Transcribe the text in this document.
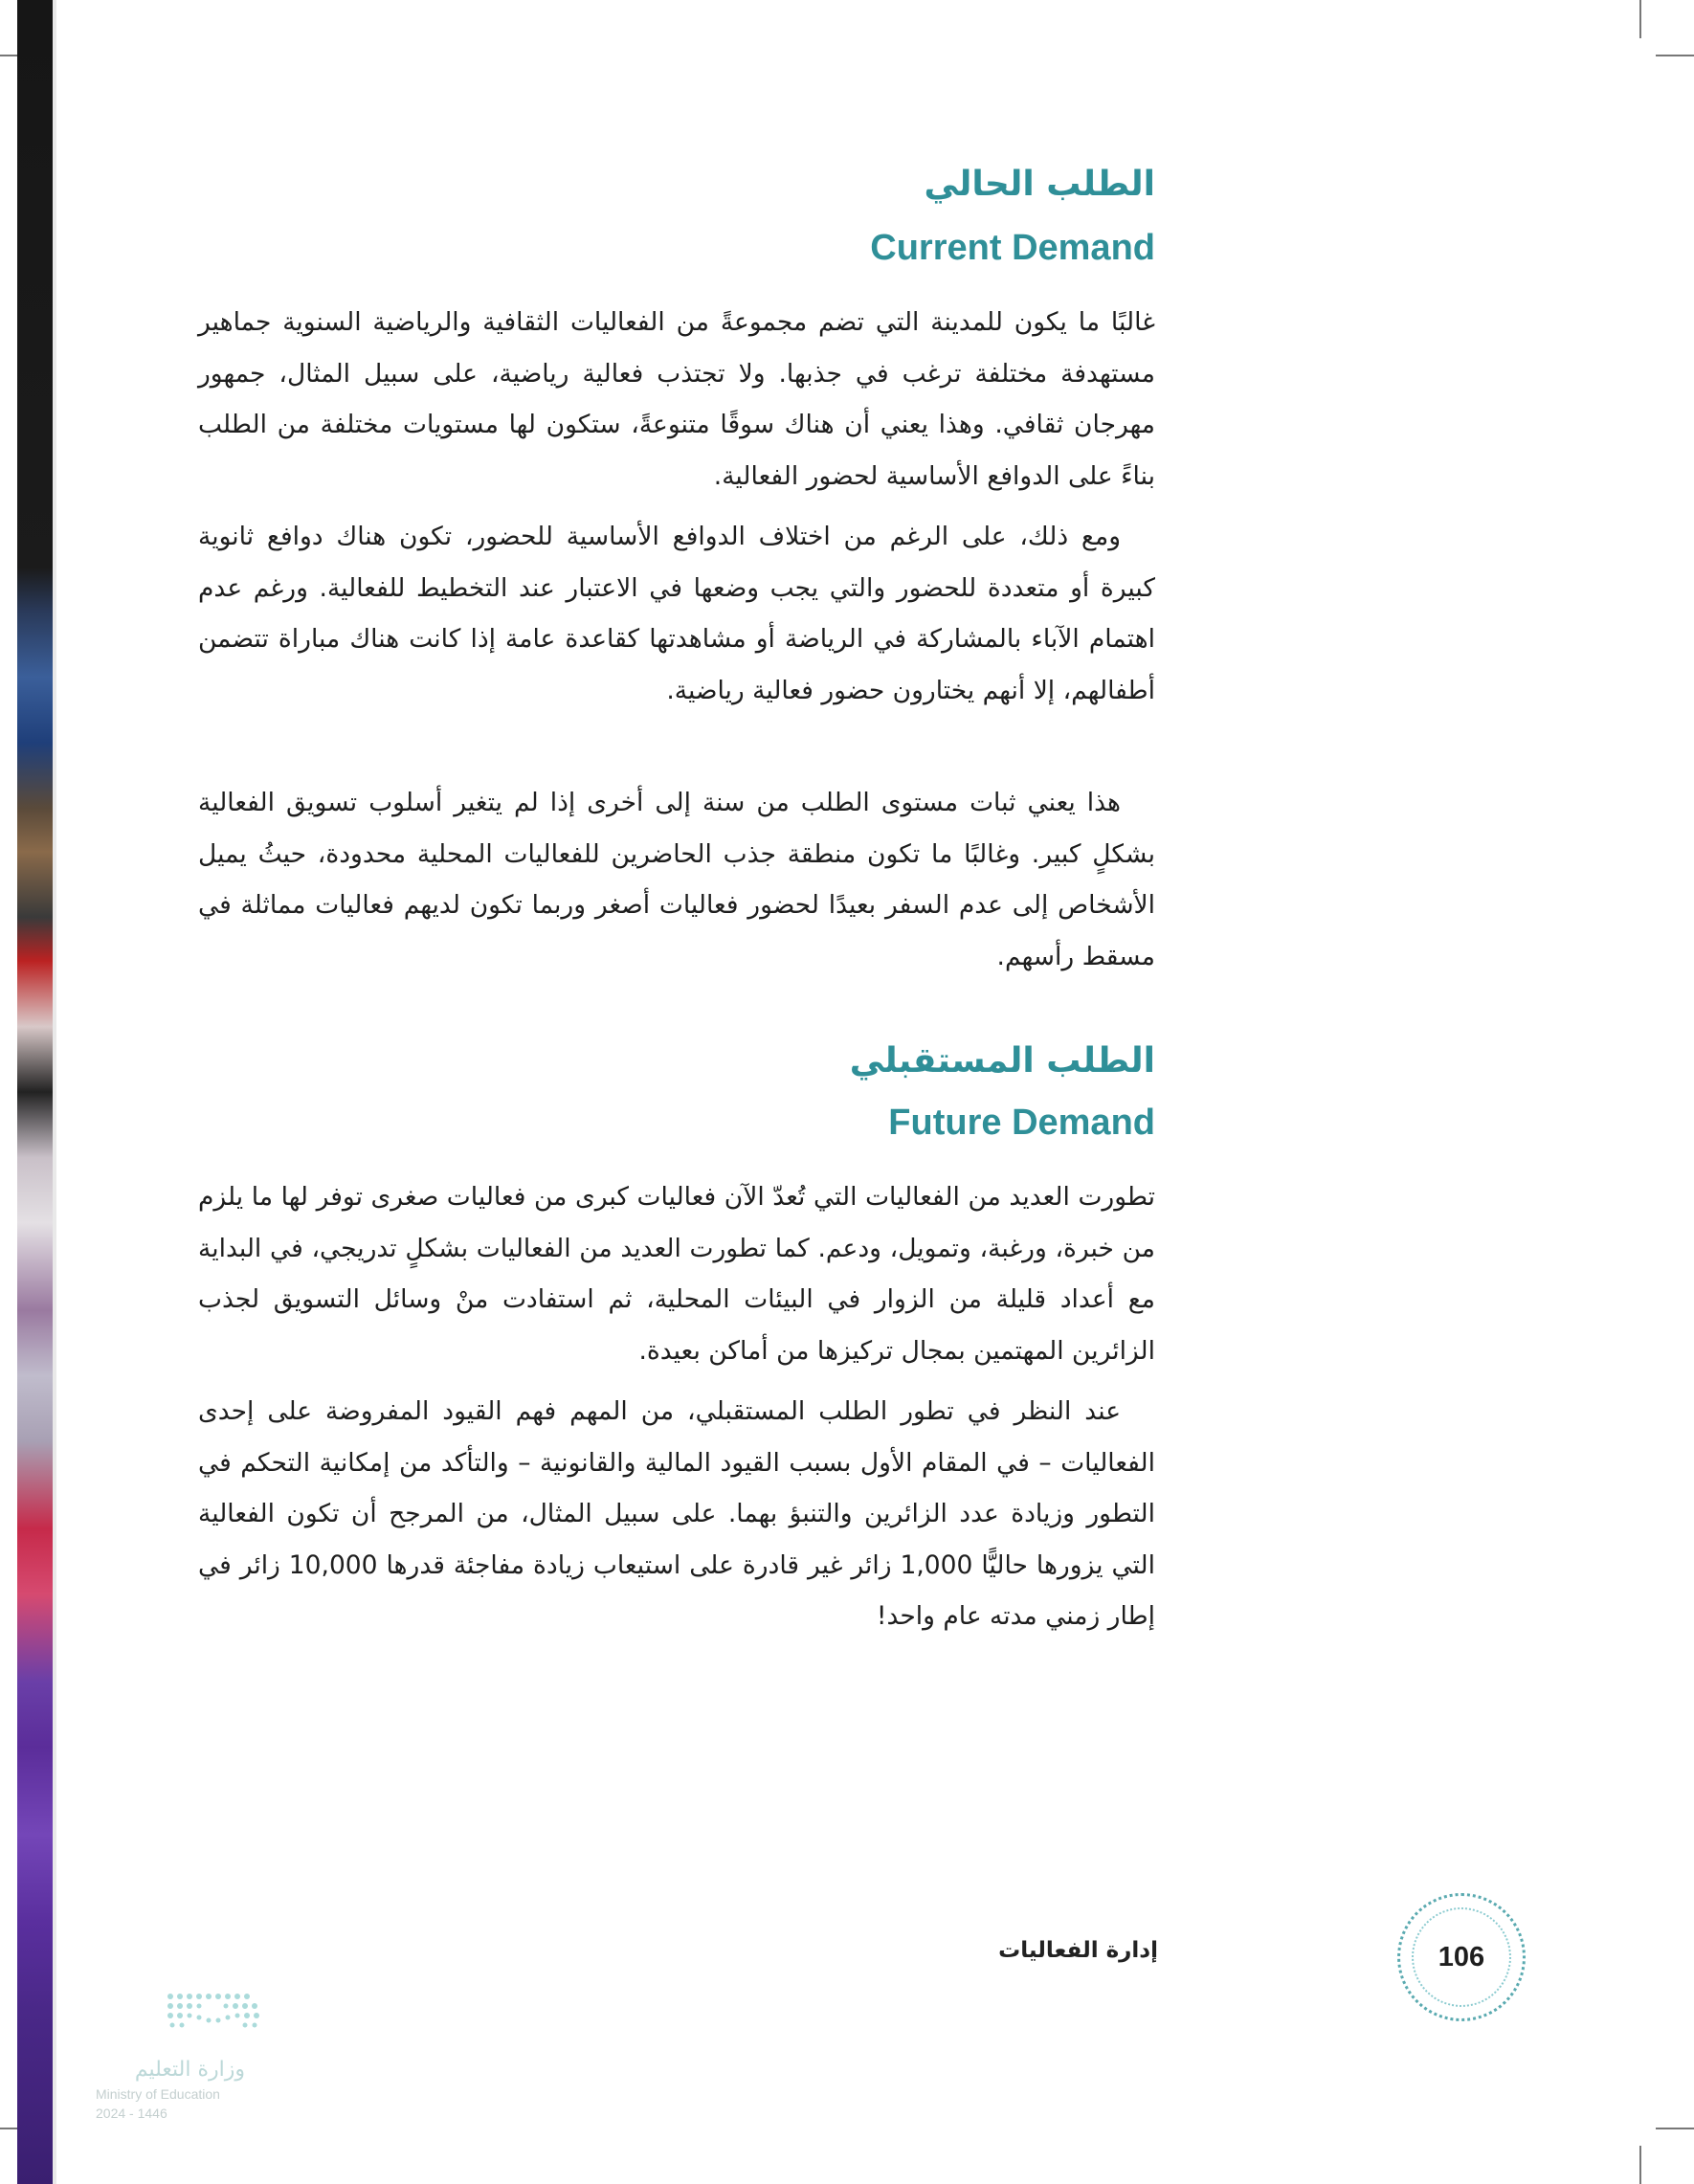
الطلب الحالي
Current Demand

غالبًا ما يكون للمدينة التي تضم مجموعةً من الفعاليات الثقافية والرياضية السنوية جماهير مستهدفة مختلفة ترغب في جذبها. ولا تجتذب فعالية رياضية، على سبيل المثال، جمهور مهرجان ثقافي. وهذا يعني أن هناك سوقًا متنوعةً، ستكون لها مستويات مختلفة من الطلب بناءً على الدوافع الأساسية لحضور الفعالية.

ومع ذلك، على الرغم من اختلاف الدوافع الأساسية للحضور، تكون هناك دوافع ثانوية كبيرة أو متعددة للحضور والتي يجب وضعها في الاعتبار عند التخطيط للفعالية. ورغم عدم اهتمام الآباء بالمشاركة في الرياضة أو مشاهدتها كقاعدة عامة إذا كانت هناك مباراة تتضمن أطفالهم، إلا أنهم يختارون حضور فعالية رياضية.

هذا يعني ثبات مستوى الطلب من سنة إلى أخرى إذا لم يتغير أسلوب تسويق الفعالية بشكلٍ كبير. وغالبًا ما تكون منطقة جذب الحاضرين للفعاليات المحلية محدودة، حيثُ يميل الأشخاص إلى عدم السفر بعيدًا لحضور فعاليات أصغر وربما تكون لديهم فعاليات مماثلة في مسقط رأسهم.

الطلب المستقبلي
Future Demand

تطورت العديد من الفعاليات التي تُعدّ الآن فعاليات كبرى من فعاليات صغرى توفر لها ما يلزم من خبرة، ورغبة، وتمويل، ودعم. كما تطورت العديد من الفعاليات بشكلٍ تدريجي، في البداية مع أعداد قليلة من الزوار في البيئات المحلية، ثم استفادت منْ وسائل التسويق لجذب الزائرين المهتمين بمجال تركيزها من أماكن بعيدة.

عند النظر في تطور الطلب المستقبلي، من المهم فهم القيود المفروضة على إحدى الفعاليات – في المقام الأول بسبب القيود المالية والقانونية – والتأكد من إمكانية التحكم في التطور وزيادة عدد الزائرين والتنبؤ بهما. على سبيل المثال، من المرجح أن تكون الفعالية التي يزورها حاليًّا 1,000 زائر غير قادرة على استيعاب زيادة مفاجئة قدرها 10,000 زائر في إطار زمني مدته عام واحد!

إدارة الفعاليات	106
وزارة التعليم
Ministry of Education
2024 - 1446
